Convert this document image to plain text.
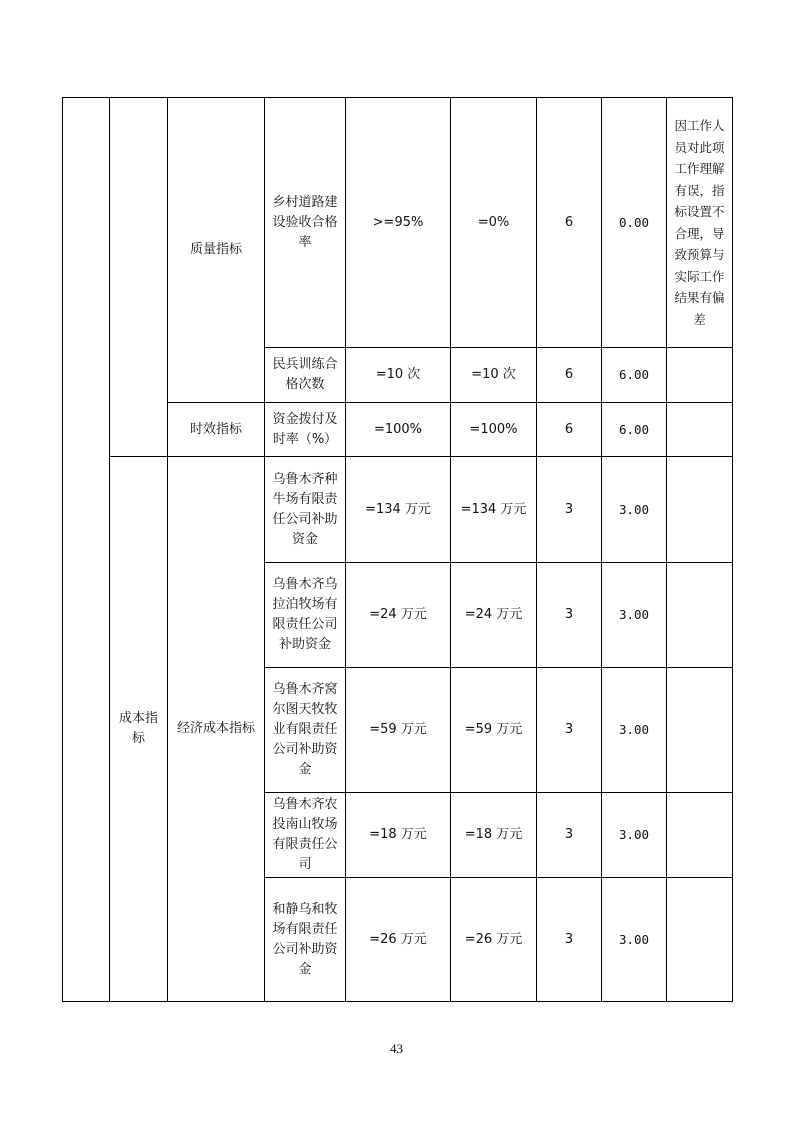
		质量指标	乡村道路建设验收合格率	>=95%	=0%	6	0.00	因工作人员对此项工作理解有误，指标设置不合理，导致预算与实际工作结果有偏差
			民兵训练合格次数	=10 次	=10 次	6	6.00	
		时效指标	资金拨付及时率（%）	=100%	=100%	6	6.00	
	成本指标	经济成本指标	乌鲁木齐种牛场有限责任公司补助资金	=134 万元	=134 万元	3	3.00	
			乌鲁木齐乌拉泊牧场有限责任公司补助资金	=24 万元	=24 万元	3	3.00	
			乌鲁木齐窝尔图天牧牧业有限责任公司补助资金	=59 万元	=59 万元	3	3.00	
			乌鲁木齐农投南山牧场有限责任公司	=18 万元	=18 万元	3	3.00	
			和静乌和牧场有限责任公司补助资金	=26 万元	=26 万元	3	3.00	
43
